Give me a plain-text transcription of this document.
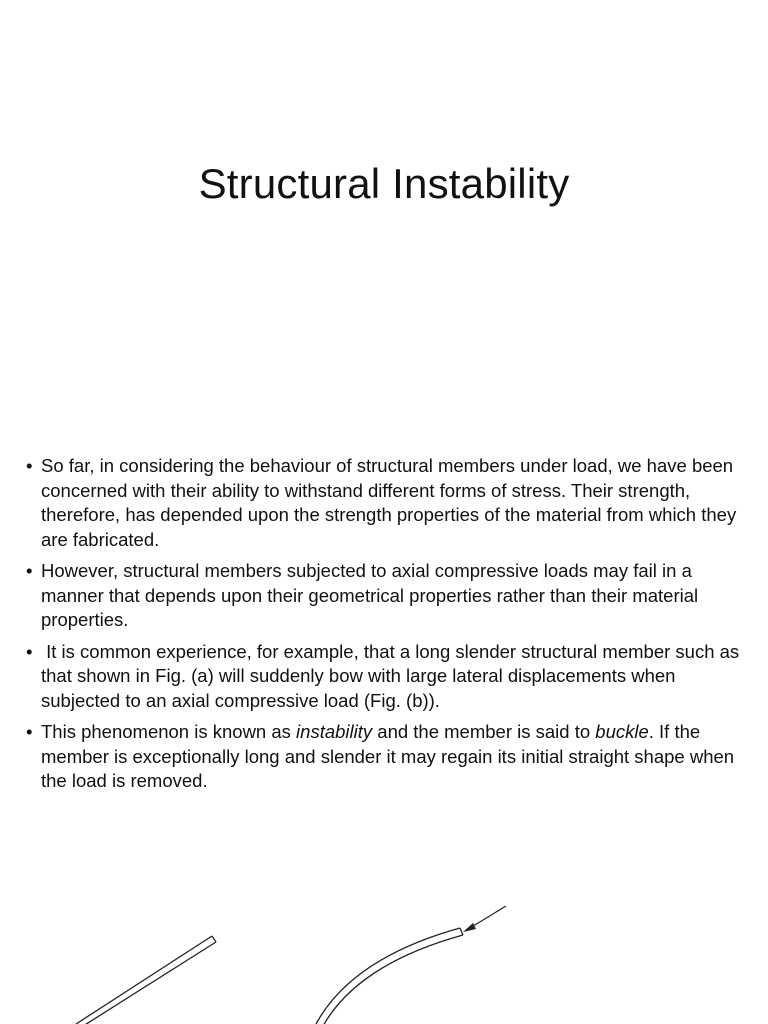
Structural Instability
• So far, in considering the behaviour of structural members under load, we have been concerned with their ability to withstand different forms of stress. Their strength, therefore, has depended upon the strength properties of the material from which they are fabricated.
• However, structural members subjected to axial compressive loads may fail in a manner that depends upon their geometrical properties rather than their material properties.
• It is common experience, for example, that a long slender structural member such as that shown in Fig. (a) will suddenly bow with large lateral displacements when subjected to an axial compressive load (Fig. (b)).
• This phenomenon is known as instability and the member is said to buckle. If the member is exceptionally long and slender it may regain its initial straight shape when the load is removed.
